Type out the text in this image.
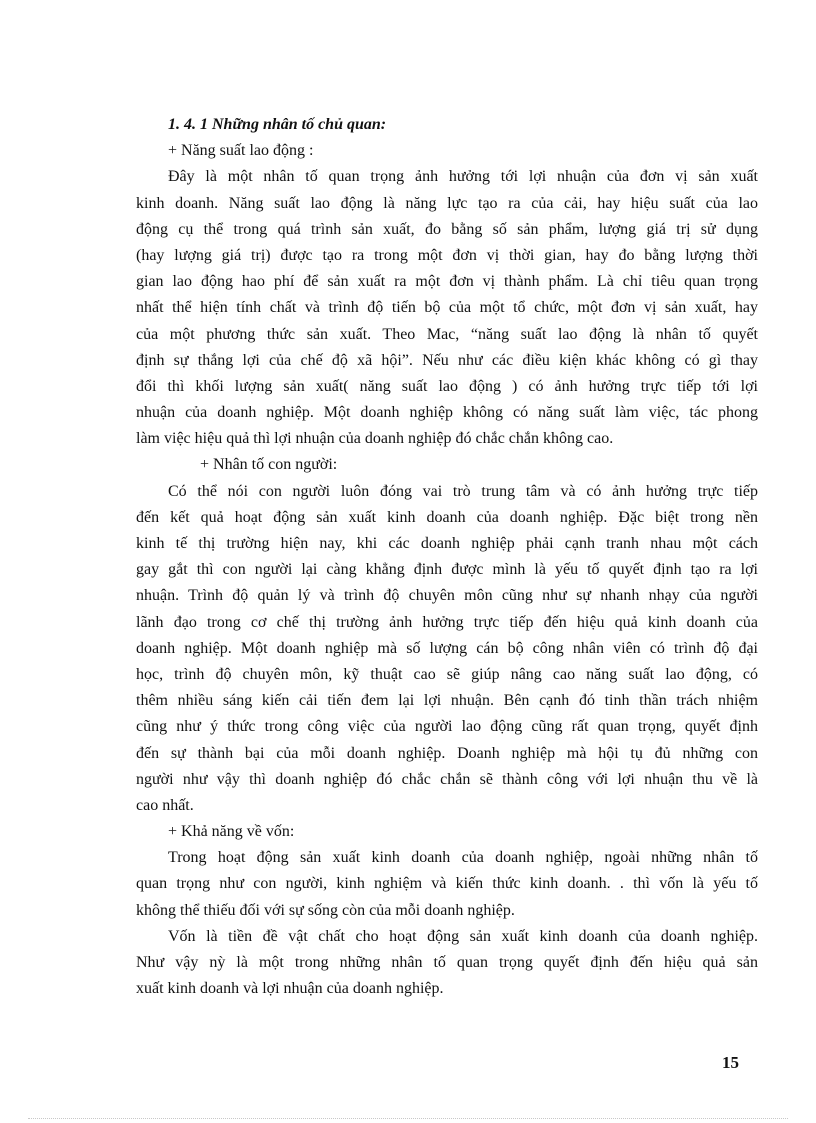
1. 4. 1 Những nhân tố chủ quan:

+ Năng suất lao động :

Đây là một nhân tố quan trọng ảnh hưởng tới lợi nhuận của đơn vị sản xuất

kinh doanh. Năng suất lao động là năng lực tạo ra của cải, hay hiệu suất của lao

động cụ thể trong quá trình sản xuất, đo bằng số sản phẩm, lượng giá trị sử dụng

(hay lượng giá trị) được tạo ra trong một đơn vị thời gian, hay đo bằng lượng thời

gian lao động hao phí để sản xuất ra một đơn vị thành phẩm. Là chỉ tiêu quan trọng

nhất thể hiện tính chất và trình độ tiến bộ của một tổ chức, một đơn vị sản xuất, hay

của một phương thức sản xuất. Theo Mac, “năng suất lao động là nhân tố quyết

định sự thắng lợi của chế độ xã hội”. Nếu như các điều kiện khác không có gì thay

đổi thì khối lượng sản xuất( năng suất lao động ) có ảnh hưởng trực tiếp tới lợi

nhuận của doanh nghiệp. Một doanh nghiệp không có năng suất làm việc, tác phong

làm việc hiệu quả thì lợi nhuận của doanh nghiệp đó chắc chắn không cao.

+ Nhân tố con người:

Có thể nói con người luôn đóng vai trò trung tâm và có ảnh hưởng trực tiếp

đến kết quả hoạt động sản xuất kinh doanh của doanh nghiệp. Đặc biệt trong nền

kinh tế thị trường hiện nay, khi các doanh nghiệp phải cạnh tranh nhau một cách

gay gắt thì con người lại càng khẳng định được mình là yếu tố quyết định tạo ra lợi

nhuận. Trình độ quản lý và trình độ chuyên môn cũng như sự nhanh nhạy của người

lãnh đạo trong cơ chế thị trường ảnh hưởng trực tiếp đến hiệu quả kinh doanh của

doanh nghiệp. Một doanh nghiệp mà số lượng cán bộ công nhân viên có trình độ đại

học, trình độ chuyên môn, kỹ thuật cao sẽ giúp nâng cao năng suất lao động, có

thêm nhiều sáng kiến cải tiến đem lại lợi nhuận. Bên cạnh đó tinh thần trách nhiệm

cũng như ý thức trong công việc của người lao động cũng rất quan trọng, quyết định

đến sự thành bại của mỗi doanh nghiệp. Doanh nghiệp mà hội tụ đủ những con

người như vậy thì doanh nghiệp đó chắc chắn sẽ thành công với lợi nhuận thu về là

cao nhất.

+ Khả năng về vốn:

Trong hoạt động sản xuất kinh doanh của doanh nghiệp, ngoài những nhân tố

quan trọng như con người, kinh nghiệm và kiến thức kinh doanh. . thì vốn là yếu tố

không thể thiếu đối với sự sống còn của mỗi doanh nghiệp.

Vốn là tiền đề vật chất cho hoạt động sản xuất kinh doanh của doanh nghiệp.

Như vậy nỳ là một trong những nhân tố quan trọng quyết định đến hiệu quả sản

xuất kinh doanh và lợi nhuận của doanh nghiệp.

15
